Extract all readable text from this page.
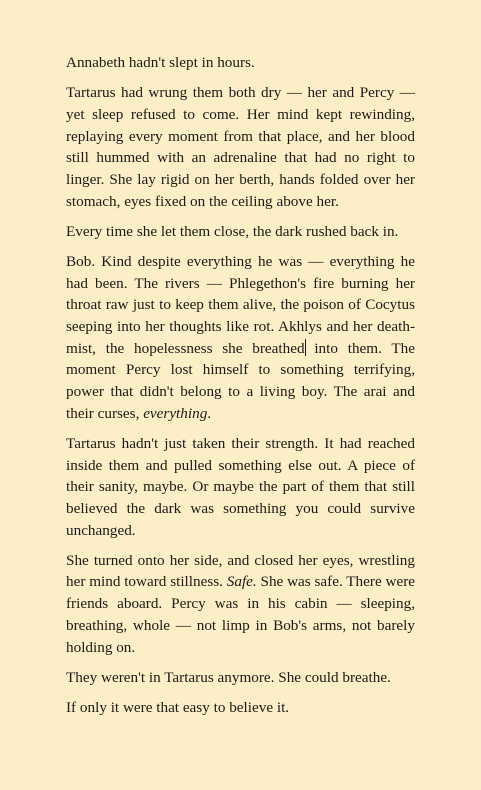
Annabeth hadn't slept in hours.

Tartarus had wrung them both dry — her and Percy — yet sleep refused to come. Her mind kept rewinding, replaying every moment from that place, and her blood still hummed with an adrenaline that had no right to linger. She lay rigid on her berth, hands folded over her stomach, eyes fixed on the ceiling above her.

Every time she let them close, the dark rushed back in.

Bob. Kind despite everything he was — everything he had been. The rivers — Phlegethon's fire burning her throat raw just to keep them alive, the poison of Cocytus seeping into her thoughts like rot. Akhlys and her death-mist, the hopelessness she breathed into them. The moment Percy lost himself to something terrifying, power that didn't belong to a living boy. The arai and their curses, everything.

Tartarus hadn't just taken their strength. It had reached inside them and pulled something else out. A piece of their sanity, maybe. Or maybe the part of them that still believed the dark was something you could survive unchanged.

She turned onto her side, and closed her eyes, wrestling her mind toward stillness. Safe. She was safe. There were friends aboard. Percy was in his cabin — sleeping, breathing, whole — not limp in Bob's arms, not barely holding on.

They weren't in Tartarus anymore. She could breathe.

If only it were that easy to believe it.
